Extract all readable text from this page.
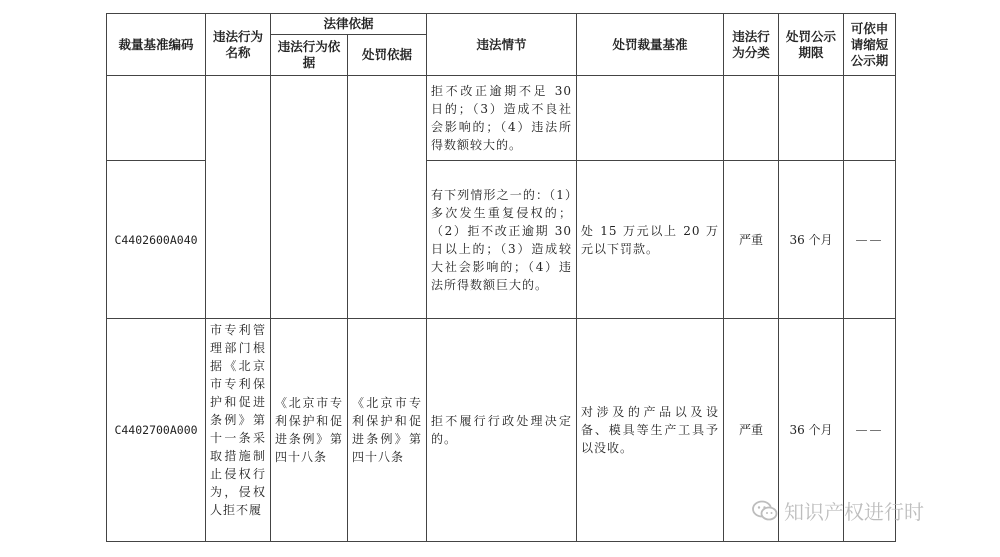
裁量基准编码	违法行为名称	法律依据		违法情节	处罚裁量基准	违法行为分类	处罚公示期限	可依申请缩短公示期
		违法行为依据	处罚依据					
				拒不改正逾期不足 30 日的；（3）造成不良社会影响的；（4）违法所得数额较大的。				
C4402600A040				有下列情形之一的：（1）多次发生重复侵权的；（2）拒不改正逾期 30 日以上的；（3）造成较大社会影响的；（4）违法所得数额巨大的。	处 15 万元以上 20 万元以下罚款。	严重	36 个月	——
C4402700A000	市专利管理部门根据《北京市专利保护和促进条例》第十一条采取措施制止侵权行为，侵权人拒不履	《北京市专利保护和促进条例》第四十八条	《北京市专利保护和促进条例》第四十八条	拒不履行行政处理决定的。	对涉及的产品以及设备、模具等生产工具予以没收。	严重	36 个月	——
知识产权进行时
